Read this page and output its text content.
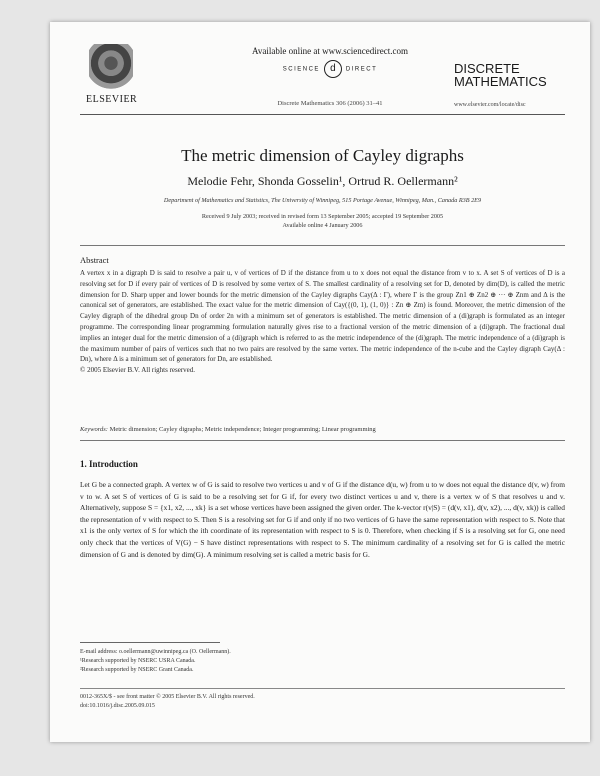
ELSEVIER
Available online at www.sciencedirect.com
SCIENCE d DIRECT
Discrete Mathematics 306 (2006) 31–41
DISCRETE
MATHEMATICS
www.elsevier.com/locate/disc
The metric dimension of Cayley digraphs
Melodie Fehr, Shonda Gosselin¹, Ortrud R. Oellermann²
Department of Mathematics and Statistics, The University of Winnipeg, 515 Portage Avenue, Winnipeg, Man., Canada R3B 2E9
Received 9 July 2003; received in revised form 13 September 2005; accepted 19 September 2005
Available online 4 January 2006
Abstract
A vertex x in a digraph D is said to resolve a pair u, v of vertices of D if the distance from u to x does not equal the distance from v to x. A set S of vertices of D is a resolving set for D if every pair of vertices of D is resolved by some vertex of S. The smallest cardinality of a resolving set for D, denoted by dim(D), is called the metric dimension for D. Sharp upper and lower bounds for the metric dimension of the Cayley digraphs Cay(Δ : Γ), where Γ is the group Zn1 ⊕ Zn2 ⊕ ··· ⊕ Znm and Δ is the canonical set of generators, are established. The exact value for the metric dimension of Cay({(0, 1), (1, 0)} : Zn ⊕ Zm) is found. Moreover, the metric dimension of the Cayley digraph of the dihedral group Dn of order 2n with a minimum set of generators is established. The metric dimension of a (di)graph is formulated as an integer programme. The corresponding linear programming formulation naturally gives rise to a fractional version of the metric dimension of a (di)graph. The fractional dual implies an integer dual for the metric dimension of a (di)graph which is referred to as the metric independence of the (di)graph. The metric independence of a (di)graph is the maximum number of pairs of vertices such that no two pairs are resolved by the same vertex. The metric independence of the n-cube and the Cayley digraph Cay(Δ : Dn), where Δ is a minimum set of generators for Dn, are established.
© 2005 Elsevier B.V. All rights reserved.
Keywords: Metric dimension; Cayley digraphs; Metric independence; Integer programming; Linear programming
1. Introduction
Let G be a connected graph. A vertex w of G is said to resolve two vertices u and v of G if the distance d(u, w) from u to w does not equal the distance d(v, w) from v to w. A set S of vertices of G is said to be a resolving set for G if, for every two distinct vertices u and v, there is a vertex w of S that resolves u and v. Alternatively, suppose S = {x1, x2, ..., xk} is a set whose vertices have been assigned the given order. The k-vector r(v|S) = (d(v, x1), d(v, x2), ..., d(v, xk)) is called the representation of v with respect to S. Then S is a resolving set for G if and only if no two vertices of G have the same representation with respect to S. Note that x1 is the only vertex of S for which the ith coordinate of its representation with respect to S is 0. Therefore, when checking if S is a resolving set for G, one need only check that the vertices of V(G) − S have distinct representations with respect to S. The minimum cardinality of a resolving set for G is called the metric dimension of G and is denoted by dim(G). A minimum resolving set is called a metric basis for G.
E-mail address: o.oellermann@uwinnipeg.ca (O. Oellermann).
¹Research supported by NSERC USRA Canada.
²Research supported by NSERC Grant Canada.
0012-365X/$ - see front matter © 2005 Elsevier B.V. All rights reserved.
doi:10.1016/j.disc.2005.09.015
